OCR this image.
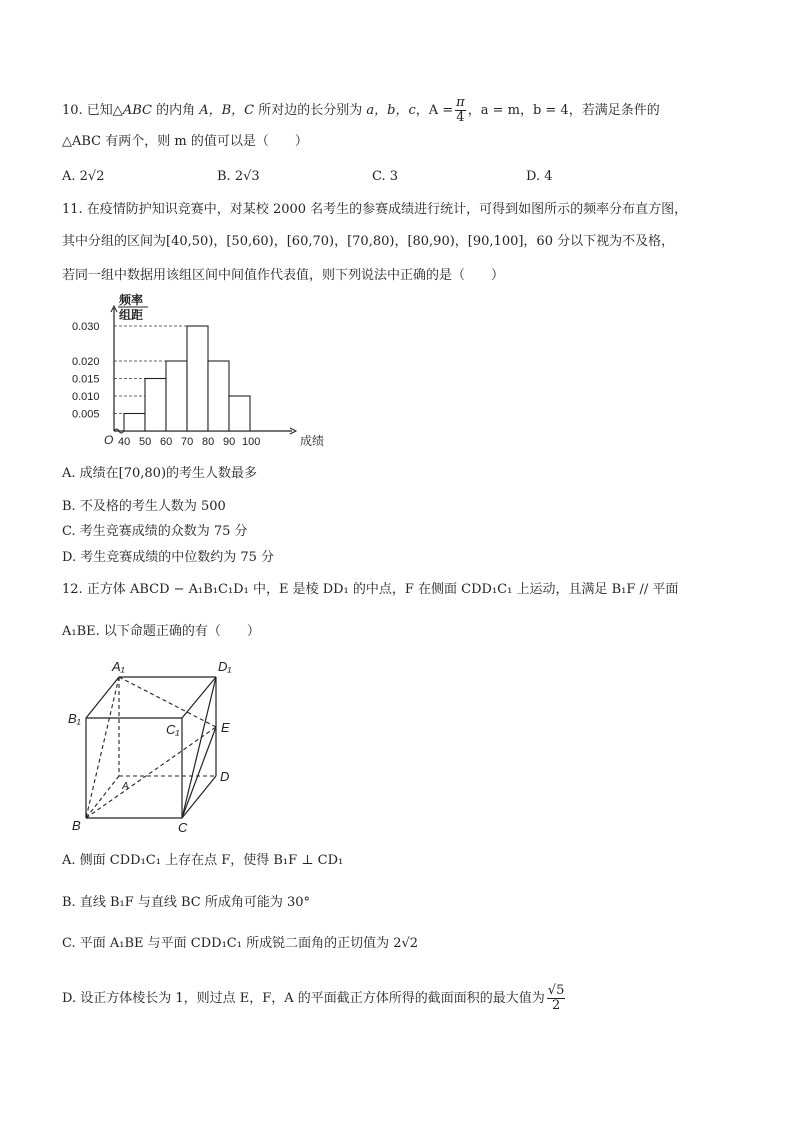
10. 已知△ABC 的内角 A，B，C 所对边的长分别为 a，b，c，$A = \frac{\pi}{4}$ ，a = m，b = 4，若满足条件的
△ABC 有两个，则 m 的值可以是（　　）
A. 2√2	B. 2√3	C. 3	D. 4
11. 在疫情防护知识竞赛中，对某校 2000 名考生的参赛成绩进行统计，可得到如图所示的频率分布直方图，
其中分组的区间为[40,50)，[50,60)，[60,70)，[70,80)，[80,90)，[90,100]，60 分以下视为不及格，
若同一组中数据用该组区间中间值作代表值，则下列说法中正确的是（　　）
0.030
0.020
0.015
0.010
0.005
40 50 60 70 80 90 100
O	成绩
频率
组距
A. 成绩在[70,80)的考生人数最多
B. 不及格的考生人数为 500
C. 考生竞赛成绩的众数为 75 分
D. 考生竞赛成绩的中位数约为 75 分
12. 正方体 ABCD − A₁B₁C₁D₁ 中，E 是棱 DD₁ 的中点，F 在侧面 CDD₁C₁ 上运动，且满足 B₁F // 平面
A₁BE. 以下命题正确的有（　　）
A₁	D₁
B₁
C₁	E
A
D
B	C
A. 侧面 CDD₁C₁ 上存在点 F，使得 B₁F ⊥ CD₁
B. 直线 B₁F 与直线 BC 所成角可能为 30°
C. 平面 A₁BE 与平面 CDD₁C₁ 所成锐二面角的正切值为 2√2
D. 设正方体棱长为 1，则过点 E，F，A 的平面截正方体所得的截面面积的最大值为 $\frac{√5}{2}$
